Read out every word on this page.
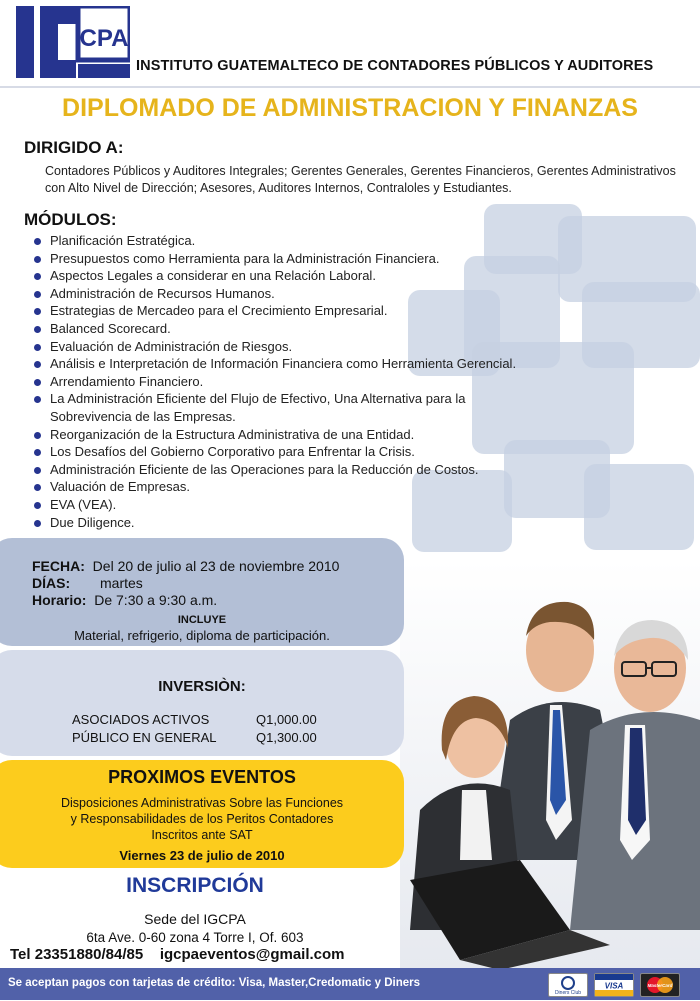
CPA
INSTITUTO GUATEMALTECO DE CONTADORES PÚBLICOS Y AUDITORES
DIPLOMADO DE ADMINISTRACION Y FINANZAS
DIRIGIDO A:
Contadores Públicos y Auditores Integrales; Gerentes Generales, Gerentes Financieros, Gerentes Administrativos con Alto Nivel de Dirección; Asesores, Auditores Internos, Contraloles y Estudiantes.
MÓDULOS:
Planificación Estratégica.
Presupuestos como Herramienta para la Administración Financiera.
Aspectos Legales a considerar en una Relación Laboral.
Administración de Recursos Humanos.
Estrategias de Mercadeo para el Crecimiento Empresarial.
Balanced Scorecard.
Evaluación de Administración de Riesgos.
Análisis e Interpretación de Información Financiera como Herramienta Gerencial.
Arrendamiento Financiero.
La Administración Eficiente del Flujo de Efectivo, Una Alternativa para la Sobrevivencia de las Empresas.
Reorganización de la Estructura Administrativa de una Entidad.
Los Desafíos del Gobierno Corporativo para Enfrentar la Crisis.
Administración Eficiente de las Operaciones para la Reducción de Costos.
Valuación de Empresas.
EVA (VEA).
Due Diligence.
FECHA: Del 20 de julio al 23 de noviembre 2010
DÍAS: martes
Horario: De 7:30 a 9:30 a.m.
INCLUYE
Material, refrigerio, diploma de participación.
INVERSIÒN:
ASOCIADOS ACTIVOS	Q1,000.00
PÚBLICO EN GENERAL	Q1,300.00
PROXIMOS EVENTOS
Disposiciones Administrativas Sobre las Funciones
y Responsabilidades de los Peritos Contadores
Inscritos ante SAT
Viernes 23 de julio de 2010
INSCRIPCIÓN
Sede del IGCPA
6ta Ave. 0-60 zona 4 Torre I, Of. 603
Tel 23351880/84/85 igcpaeventos@gmail.com
Se aceptan pagos con tarjetas de crédito: Visa, Master,Credomatic y Diners
Diners Club
VISA	MasterCard
